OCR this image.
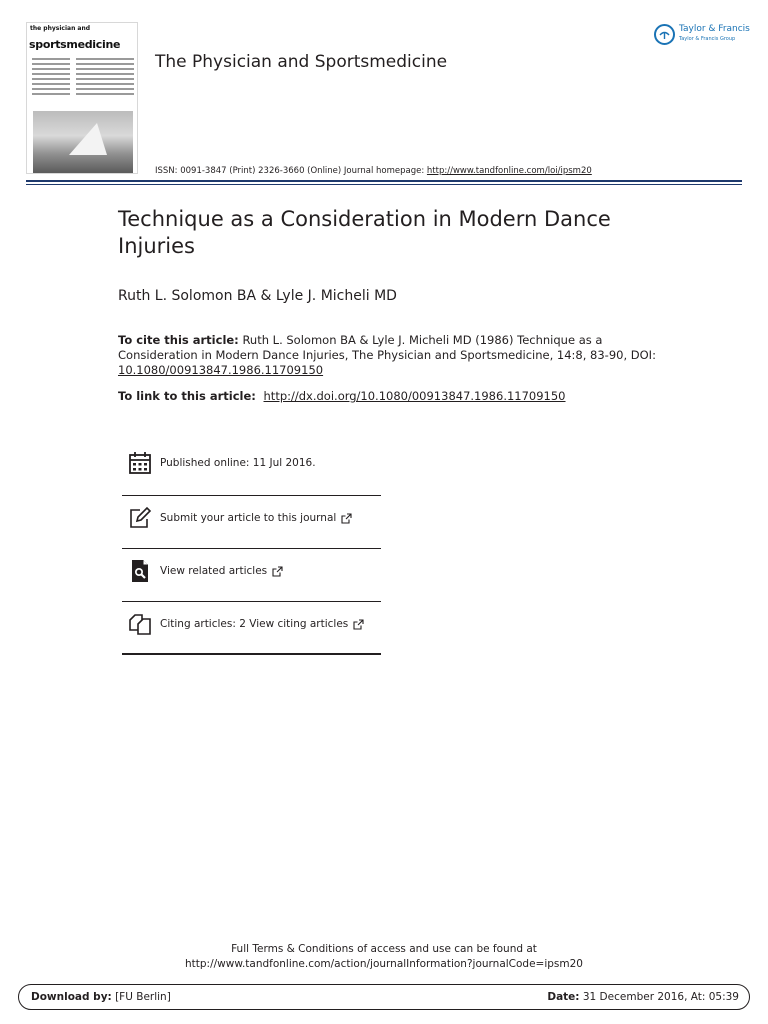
the physician and
sportsmedicine
The Physician and Sportsmedicine
Taylor & Francis
Taylor & Francis Group
ISSN: 0091-3847 (Print) 2326-3660 (Online) Journal homepage: http://www.tandfonline.com/loi/ipsm20
Technique as a Consideration in Modern Dance Injuries
Ruth L. Solomon BA & Lyle J. Micheli MD
To cite this article: Ruth L. Solomon BA & Lyle J. Micheli MD (1986) Technique as a Consideration in Modern Dance Injuries, The Physician and Sportsmedicine, 14:8, 83-90, DOI:
10.1080/00913847.1986.11709150
To link to this article: http://dx.doi.org/10.1080/00913847.1986.11709150
Published online: 11 Jul 2016.
Submit your article to this journal
View related articles
Citing articles: 2 View citing articles
Full Terms & Conditions of access and use can be found at
http://www.tandfonline.com/action/journalInformation?journalCode=ipsm20
Download by: [FU Berlin]	Date: 31 December 2016, At: 05:39
